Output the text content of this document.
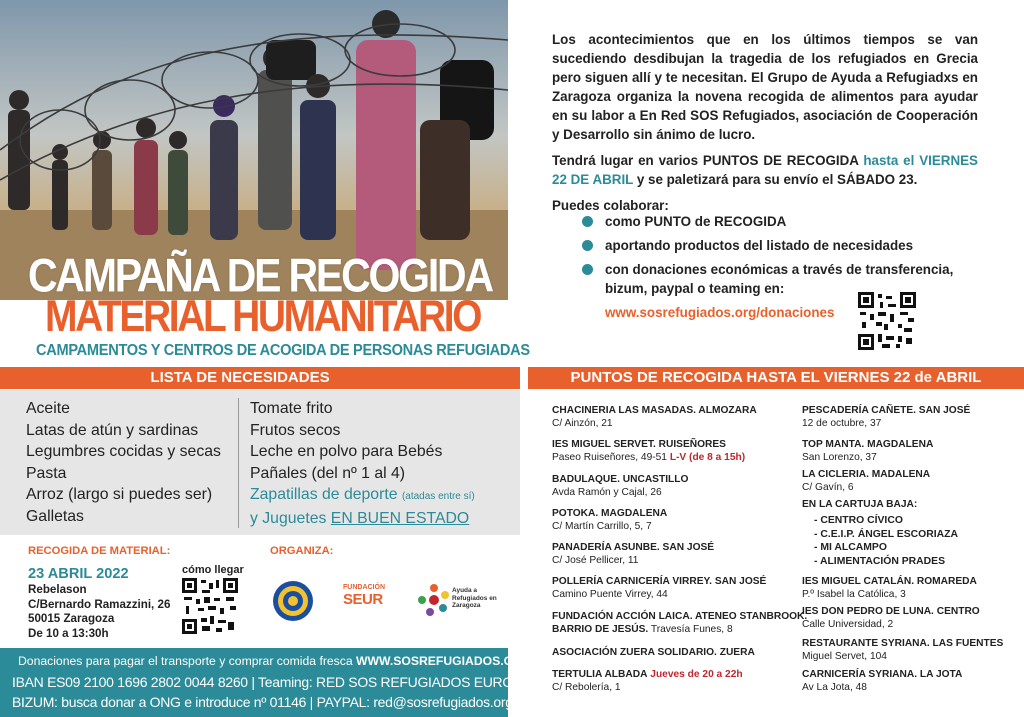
CAMPAÑA DE RECOGIDA
MATERIAL HUMANITARIO
CAMPAMENTOS Y CENTROS DE ACOGIDA DE PERSONAS REFUGIADAS

Los acontecimientos que en los últimos tiempos se van sucediendo desdibujan la tragedia de los refugiados en Grecia pero siguen allí y te necesitan. El Grupo de Ayuda a Refugiadxs en Zaragoza organiza la novena recogida de alimentos para ayudar en su labor a En Red SOS Refugiados, asociación de Cooperación y Desarrollo sin ánimo de lucro.

Tendrá lugar en varios PUNTOS DE RECOGIDA hasta el VIERNES 22 DE ABRIL y se paletizará para su envío el SÁBADO 23.

Puedes colaborar:

como PUNTO de RECOGIDA
aportando productos del listado de necesidades
con donaciones económicas a través de transferencia, bizum, paypal o teaming en:
www.sosrefugiados.org/donaciones
LISTA DE NECESIDADES	PUNTOS DE RECOGIDA HASTA EL VIERNES 22 de ABRIL
Aceite
Latas de atún y sardinas
Legumbres cocidas y secas
Pasta
Arroz (largo si puedes ser)
Galletas
Tomate frito
Frutos secos
Leche en polvo para Bebés
Pañales (del nº 1 al 4)
Zapatillas de deporte (atadas entre sí)
y Juguetes EN BUEN ESTADO
RECOGIDA DE MATERIAL:	ORGANIZA:
23 ABRIL 2022
Rebelason
C/Bernardo Ramazzini, 26
50015 Zaragoza
De 10 a 13:30h
cómo llegar
FUNDACIÓN
SEUR
Ayuda a Refugiados en Zaragoza
Donaciones para pagar el transporte y comprar comida fresca WWW.SOSREFUGIADOS.ORG
IBAN ES09 2100 1696 2802 0044 8260 | Teaming: RED SOS REFUGIADOS EUROPA
BIZUM: busca donar a ONG e introduce nº 01146 | PAYPAL: red@sosrefugiados.org
CHACINERIA LAS MASADAS. ALMOZARA
C/ Ainzón, 21
IES MIGUEL SERVET. RUISEÑORES
Paseo Ruiseñores, 49-51 L-V (de 8 a 15h)
BADULAQUE. UNCASTILLO
Avda Ramón y Cajal, 26
POTOKA. MAGDALENA
C/ Martín Carrillo, 5, 7
PANADERÍA ASUNBE. SAN JOSÉ
C/ José Pellicer, 11
POLLERÍA CARNICERÍA VIRREY. SAN JOSÉ
Camino Puente Virrey, 44
FUNDACIÓN ACCIÓN LAICA. ATENEO STANBROOK.
BARRIO DE JESÚS. Travesía Funes, 8
ASOCIACIÓN ZUERA SOLIDARIO. ZUERA
TERTULIA ALBADA Jueves de 20 a 22h
C/ Rebolería, 1
PESCADERÍA CAÑETE. SAN JOSÉ
12 de octubre, 37
TOP MANTA. MAGDALENA
San Lorenzo, 37
LA CICLERIA. MADALENA
C/ Gavín, 6
EN LA CARTUJA BAJA:
- CENTRO CÍVICO
- C.E.I.P. ÁNGEL ESCORIAZA
- MI ALCAMPO
- ALIMENTACIÓN PRADES
IES MIGUEL CATALÁN. ROMAREDA
P.º Isabel la Católica, 3
IES DON PEDRO DE LUNA. CENTRO
Calle Universidad, 2
RESTAURANTE SYRIANA. LAS FUENTES
Miguel Servet, 104
CARNICERÍA SYRIANA. LA JOTA
Av La Jota, 48
